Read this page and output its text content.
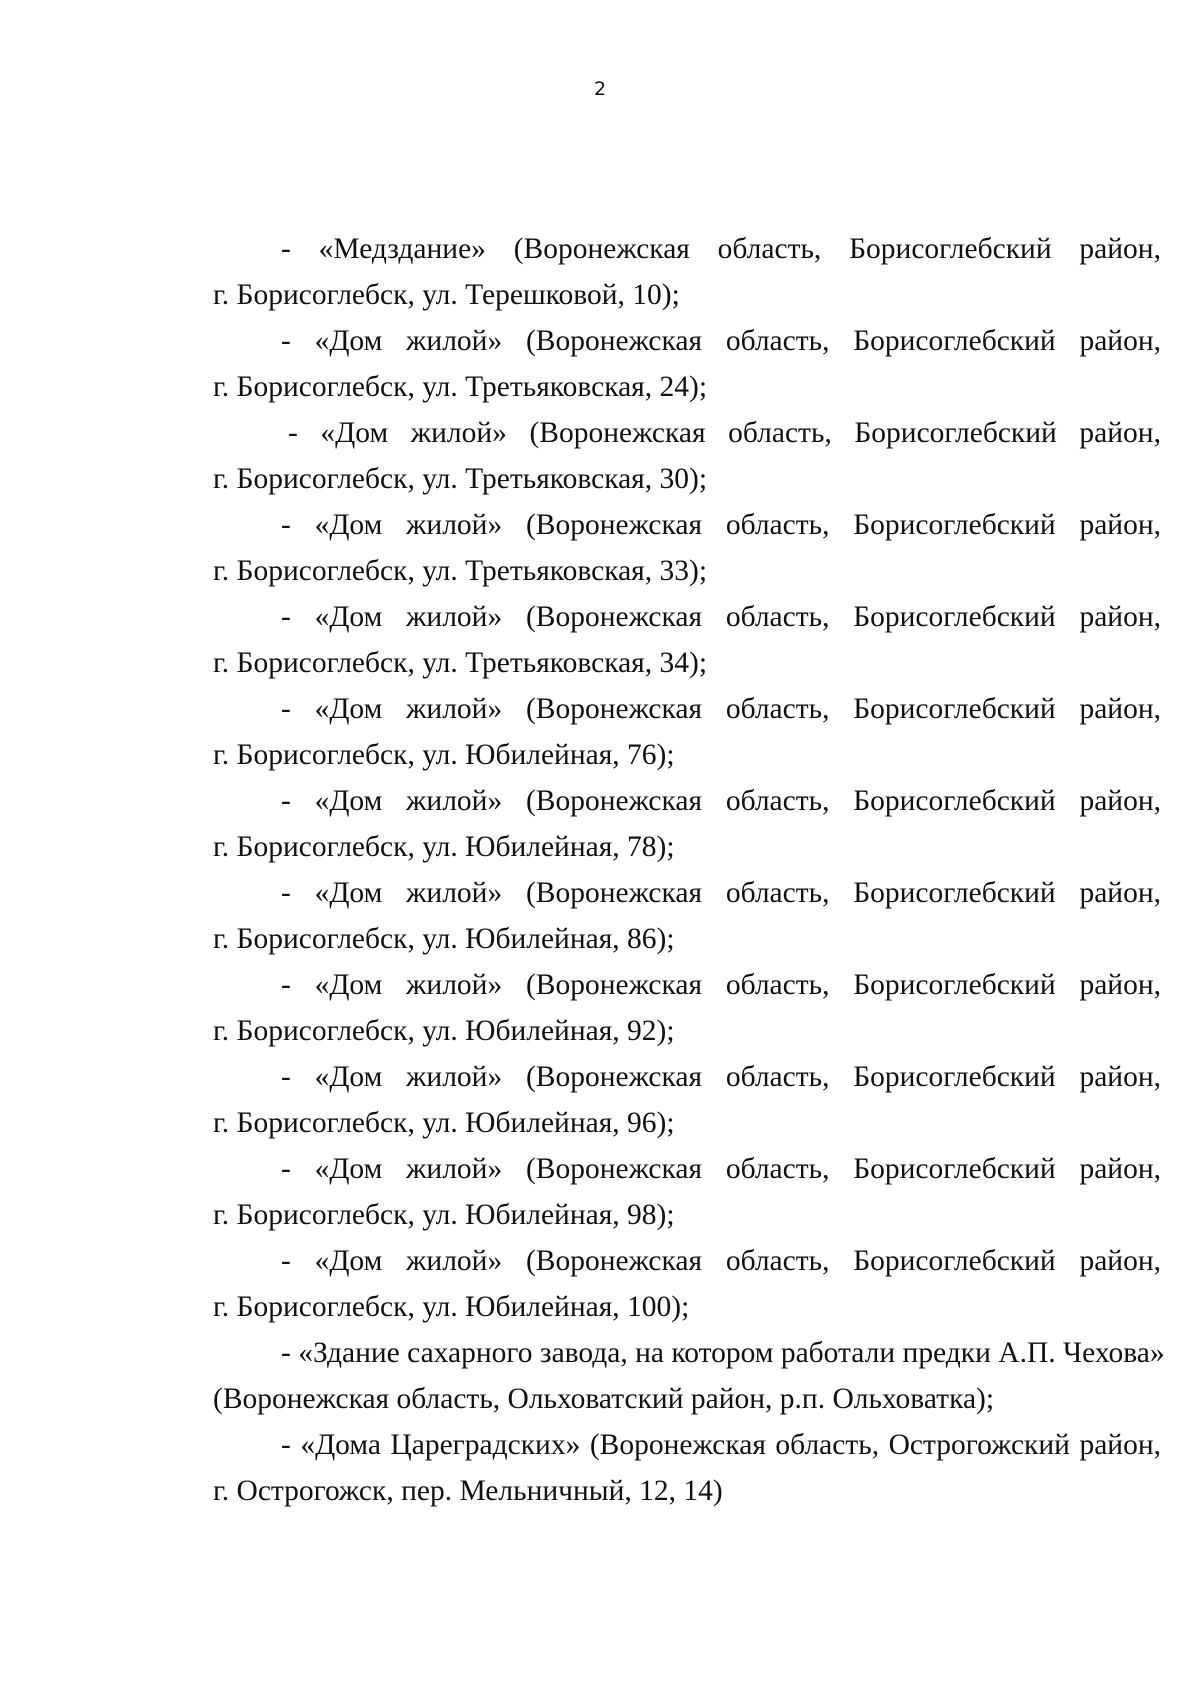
2

- «Медздание» (Воронежская область, Борисоглебский район,

г. Борисоглебск, ул. Терешковой, 10);

- «Дом жилой» (Воронежская область, Борисоглебский район,

г. Борисоглебск, ул. Третьяковская, 24);

- «Дом жилой» (Воронежская область, Борисоглебский район,

г. Борисоглебск, ул. Третьяковская, 30);

- «Дом жилой» (Воронежская область, Борисоглебский район,

г. Борисоглебск, ул. Третьяковская, 33);

- «Дом жилой» (Воронежская область, Борисоглебский район,

г. Борисоглебск, ул. Третьяковская, 34);

- «Дом жилой» (Воронежская область, Борисоглебский район,

г. Борисоглебск, ул. Юбилейная, 76);

- «Дом жилой» (Воронежская область, Борисоглебский район,

г. Борисоглебск, ул. Юбилейная, 78);

- «Дом жилой» (Воронежская область, Борисоглебский район,

г. Борисоглебск, ул. Юбилейная, 86);

- «Дом жилой» (Воронежская область, Борисоглебский район,

г. Борисоглебск, ул. Юбилейная, 92);

- «Дом жилой» (Воронежская область, Борисоглебский район,

г. Борисоглебск, ул. Юбилейная, 96);

- «Дом жилой» (Воронежская область, Борисоглебский район,

г. Борисоглебск, ул. Юбилейная, 98);

- «Дом жилой» (Воронежская область, Борисоглебский район,

г. Борисоглебск, ул. Юбилейная, 100);

- «Здание сахарного завода, на котором работали предки А.П. Чехова»

(Воронежская область, Ольховатский район, р.п. Ольховатка);

- «Дома Цареградских» (Воронежская область, Острогожский район,

г. Острогожск, пер. Мельничный, 12, 14)
